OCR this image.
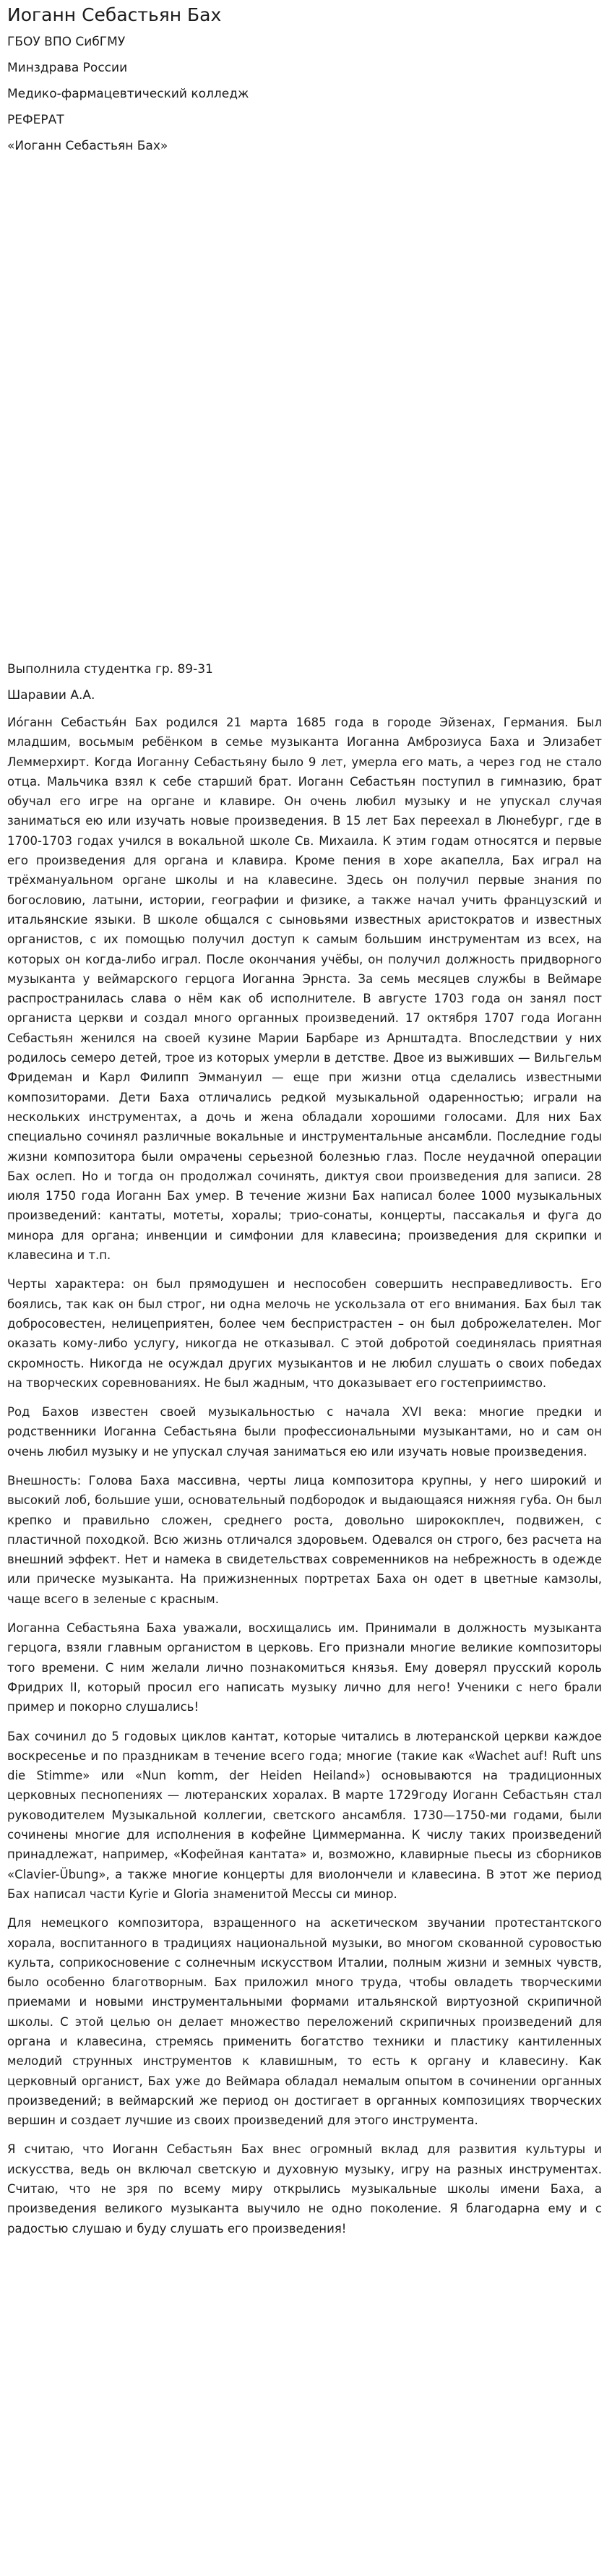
Иоганн Себастьян Бах
ГБОУ ВПО СибГМУ
Минздрава России
Медико-фармацевтический колледж
РЕФЕРАТ
«Иоганн Себастьян Бах»
Выполнила студентка гр. 89-31
Шаравии А.А.

Ио́ганн Себастья́н Бах родился 21 марта 1685 года в городе Эйзенах, Германия. Был младшим, восьмым ребёнком в семье музыканта Иоганна Амброзиуса Баха и Элизабет Леммерхирт. Когда Иоганну Себастьяну было 9 лет, умерла его мать, а через год не стало отца. Мальчика взял к себе старший брат. Иоганн Себастьян поступил в гимназию, брат обучал его игре на органе и клавире. Он очень любил музыку и не упускал случая заниматься ею или изучать новые произведения. В 15 лет Бах переехал в Люнебург, где в 1700-1703 годах учился в вокальной школе Св. Михаила. К этим годам относятся и первые его произведения для органа и клавира. Кроме пения в хоре акапелла, Бах играл на трёхмануальном органе школы и на клавесине. Здесь он получил первые знания по богословию, латыни, истории, географии и физике, а также начал учить французский и итальянские языки. В школе общался с сыновьями известных аристократов и известных органистов, с их помощью получил доступ к самым большим инструментам из всех, на которых он когда-либо играл. После окончания учёбы, он получил должность придворного музыканта у веймарского герцога Иоганна Эрнста. За семь месяцев службы в Веймаре распространилась слава о нём как об исполнителе. В августе 1703 года он занял пост органиста церкви и создал много органных произведений. 17 октября 1707 года Иоганн Себастьян женился на своей кузине Марии Барбаре из Арнштадта. Впоследствии у них родилось семеро детей, трое из которых умерли в детстве. Двое из выживших — Вильгельм Фридеман и Карл Филипп Эммануил — еще при жизни отца сделались известными композиторами. Дети Баха отличались редкой музыкальной одаренностью; играли на нескольких инструментах, а дочь и жена обладали хорошими голосами. Для них Бах специально сочинял различные вокальные и инструментальные ансамбли. Последние годы жизни композитора были омрачены серьезной болезнью глаз. После неудачной операции Бах ослеп. Но и тогда он продолжал сочинять, диктуя свои произведения для записи. 28 июля 1750 года Иоганн Бах умер. В течение жизни Бах написал более 1000 музыкальных произведений: кантаты, мотеты, хоралы; трио-сонаты, концерты, пассакалья и фуга до минора для органа; инвенции и симфонии для клавесина; произведения для скрипки и клавесина и т.п.

Черты характера: он был прямодушен и неспособен совершить несправедливость. Его боялись, так как он был строг, ни одна мелочь не ускользала от его внимания. Бах был так добросовестен, нелицеприятен, более чем беспристрастен – он был доброжелателен. Мог оказать кому-либо услугу, никогда не отказывал. С этой добротой соединялась приятная скромность. Никогда не осуждал других музыкантов и не любил слушать о своих победах на творческих соревнованиях. Не был жадным, что доказывает его гостеприимство.

Род Бахов известен своей музыкальностью с начала XVI века: многие предки и родственники Иоганна Себастьяна были профессиональными музыкантами, но и сам он очень любил музыку и не упускал случая заниматься ею или изучать новые произведения.

Внешность: Голова Баха массивна, черты лица композитора крупны, у него широкий и высокий лоб, большие уши, основательный подбородок и выдающаяся нижняя губа. Он был крепко и правильно сложен, среднего роста, довольно ширококплеч, подвижен, с пластичной походкой. Всю жизнь отличался здоровьем. Одевался он строго, без расчета на внешний эффект. Нет и намека в свидетельствах современников на небрежность в одежде или прическе музыканта. На прижизненных портретах Баха он одет в цветные камзолы, чаще всего в зеленые с красным.

Иоганна Себастьяна Баха уважали, восхищались им. Принимали в должность музыканта герцога, взяли главным органистом в церковь. Его признали многие великие композиторы того времени. С ним желали лично познакомиться князья. Ему доверял прусский король Фридрих II, который просил его написать музыку лично для него! Ученики с него брали пример и покорно слушались!

Бах сочинил до 5 годовых циклов кантат, которые читались в лютеранской церкви каждое воскресенье и по праздникам в течение всего года; многие (такие как «Wachet auf! Ruft uns die Stimme» или «Nun komm, der Heiden Heiland») основываются на традиционных церковных песнопениях — лютеранских хоралах. В марте 1729году Иоганн Себастьян стал руководителем Музыкальной коллегии, светского ансамбля. 1730—1750-ми годами, были сочинены многие для исполнения в кофейне Циммерманна. К числу таких произведений принадлежат, например, «Кофейная кантата» и, возможно, клавирные пьесы из сборников «Clavier-Übung», а также многие концерты для виолончели и клавесина. В этот же период Бах написал части Kyrie и Gloria знаменитой Мессы си минор.

Для немецкого композитора, взращенного на аскетическом звучании протестантского хорала, воспитанного в традициях национальной музыки, во многом скованной суровостью культа, соприкосновение с солнечным искусством Италии, полным жизни и земных чувств, было особенно благотворным. Бах приложил много труда, чтобы овладеть творческими приемами и новыми инструментальными формами итальянской виртуозной скрипичной школы. С этой целью он делает множество переложений скрипичных произведений для органа и клавесина, стремясь применить богатство техники и пластику кантиленных мелодий струнных инструментов к клавишным, то есть к органу и клавесину. Как церковный органист, Бах уже до Веймара обладал немалым опытом в сочинении органных произведений; в веймарский же период он достигает в органных композициях творческих вершин и создает лучшие из своих произведений для этого инструмента.

Я считаю, что Иоганн Себастьян Бах внес огромный вклад для развития культуры и искусства, ведь он включал светскую и духовную музыку, игру на разных инструментах. Считаю, что не зря по всему миру открылись музыкальные школы имени Баха, а произведения великого музыканта выучило не одно поколение. Я благодарна ему и с радостью слушаю и буду слушать его произведения!
